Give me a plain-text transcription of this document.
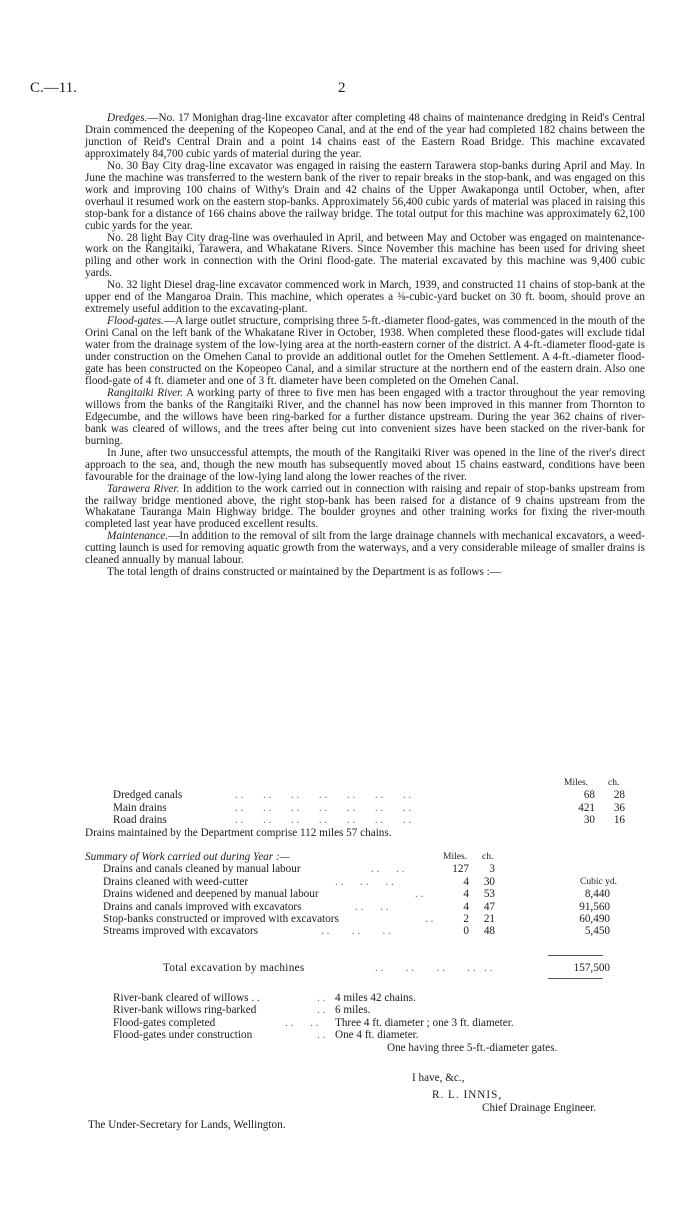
C.—11.	2

Dredges.—No. 17 Monighan drag-line excavator after completing 48 chains of maintenance dredging in Reid's Central Drain commenced the deepening of the Kopeopeo Canal, and at the end of the year had completed 182 chains between the junction of Reid's Central Drain and a point 14 chains east of the Eastern Road Bridge. This machine excavated approximately 84,700 cubic yards of material during the year.

No. 30 Bay City drag-line excavator was engaged in raising the eastern Tarawera stop-banks during April and May. In June the machine was transferred to the western bank of the river to repair breaks in the stop-bank, and was engaged on this work and improving 100 chains of Withy's Drain and 42 chains of the Upper Awakaponga until October, when, after overhaul it resumed work on the eastern stop-banks. Approximately 56,400 cubic yards of material was placed in raising this stop-bank for a distance of 166 chains above the railway bridge. The total output for this machine was approximately 62,100 cubic yards for the year.

No. 28 light Bay City drag-line was overhauled in April, and between May and October was engaged on maintenance-work on the Rangitaiki, Tarawera, and Whakatane Rivers. Since November this machine has been used for driving sheet piling and other work in connection with the Orini flood-gate. The material excavated by this machine was 9,400 cubic yards.

No. 32 light Diesel drag-line excavator commenced work in March, 1939, and constructed 11 chains of stop-bank at the upper end of the Mangaroa Drain. This machine, which operates a ⅜-cubic-yard bucket on 30 ft. boom, should prove an extremely useful addition to the excavating-plant.

Flood-gates.—A large outlet structure, comprising three 5-ft.-diameter flood-gates, was commenced in the mouth of the Orini Canal on the left bank of the Whakatane River in October, 1938. When completed these flood-gates will exclude tidal water from the drainage system of the low-lying area at the north-eastern corner of the district. A 4-ft.-diameter flood-gate is under construction on the Omehen Canal to provide an additional outlet for the Omehen Settlement. A 4-ft.-diameter flood-gate has been constructed on the Kopeopeo Canal, and a similar structure at the northern end of the eastern drain. Also one flood-gate of 4 ft. diameter and one of 3 ft. diameter have been completed on the Omehen Canal.

Rangitaiki River. A working party of three to five men has been engaged with a tractor throughout the year removing willows from the banks of the Rangitaiki River, and the channel has now been improved in this manner from Thornton to Edgecumbe, and the willows have been ring-barked for a further distance upstream. During the year 362 chains of river-bank was cleared of willows, and the trees after being cut into convenient sizes have been stacked on the river-bank for burning.

In June, after two unsuccessful attempts, the mouth of the Rangitaiki River was opened in the line of the river's direct approach to the sea, and, though the new mouth has subsequently moved about 15 chains eastward, conditions have been favourable for the drainage of the low-lying land along the lower reaches of the river.

Tarawera River. In addition to the work carried out in connection with raising and repair of stop-banks upstream from the railway bridge mentioned above, the right stop-bank has been raised for a distance of 9 chains upstream from the Whakatane Tauranga Main Highway bridge. The boulder groynes and other training works for fixing the river-mouth completed last year have produced excellent results.

Maintenance.—In addition to the removal of silt from the large drainage channels with mechanical excavators, a weed-cutting launch is used for removing aquatic growth from the waterways, and a very considerable mileage of smaller drains is cleaned annually by manual labour.

The total length of drains constructed or maintained by the Department is as follows :—

Miles. ch.
Dredged canals	. .       . .       . .       . .       . .       . .       . .	68	28
Main drains	. .       . .       . .       . .       . .       . .       . .	421	36
Road drains	. .       . .       . .       . .       . .       . .       . .	30	16
Drains maintained by the Department comprise 112 miles 57 chains.
Summary of Work carried out during Year :—	Miles. ch.
Drains and canals cleaned by manual labour	. .      . .	127	3
Drains cleaned with weed-cutter	. .      . .      . .	4	30	Cubic yd.
Drains widened and deepened by manual labour	. .	4	53	8,440
Drains and canals improved with excavators	. .      . .	4	47	91,560
Stop-banks constructed or improved with excavators	. .	2	21	60,490
Streams improved with excavators	. .        . .        . .	0	48	5,450
Total excavation by machines	. .        . .        . .        . .   . .	157,500
River-bank cleared of willows . .	. . 4 miles 42 chains.
River-bank willows ring-barked	. . 6 miles.
Flood-gates completed	. .      . . Three 4 ft. diameter ; one 3 ft. diameter.
Flood-gates under construction	. . One 4 ft. diameter.
One having three 5-ft.-diameter gates.
I have, &c.,
R. L. INNIS,
Chief Drainage Engineer.
The Under-Secretary for Lands, Wellington.
